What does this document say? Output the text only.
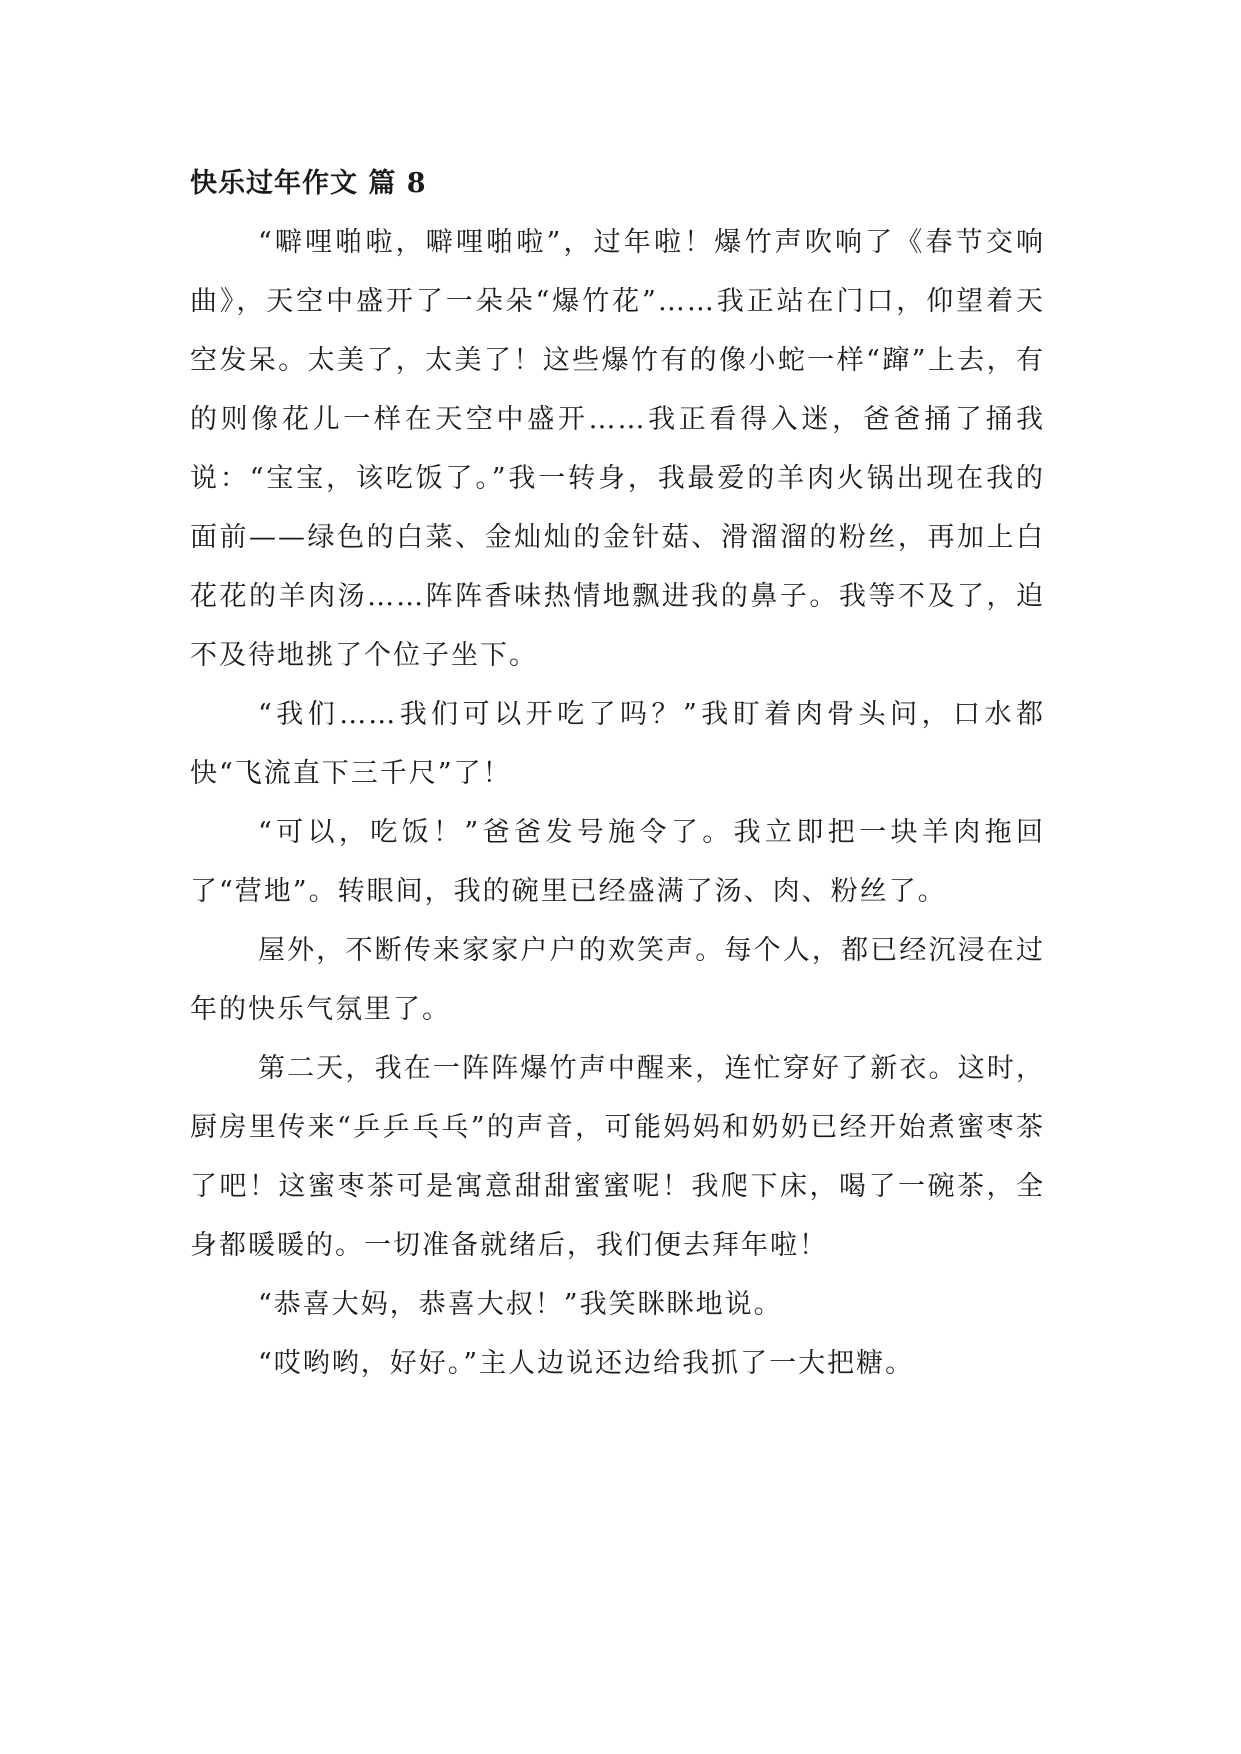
快乐过年作文 篇 8

“噼哩啪啦，噼哩啪啦”，过年啦！爆竹声吹响了《春节交响曲》，天空中盛开了一朵朵“爆竹花”……我正站在门口，仰望着天空发呆。太美了，太美了！这些爆竹有的像小蛇一样“蹿”上去，有的则像花儿一样在天空中盛开……我正看得入迷，爸爸捅了捅我说：“宝宝，该吃饭了。”我一转身，我最爱的羊肉火锅出现在我的面前——绿色的白菜、金灿灿的金针菇、滑溜溜的粉丝，再加上白花花的羊肉汤……阵阵香味热情地飘进我的鼻子。我等不及了，迫不及待地挑了个位子坐下。

“我们……我们可以开吃了吗？”我盯着肉骨头问，口水都快“飞流直下三千尺”了！

“可以，吃饭！”爸爸发号施令了。我立即把一块羊肉拖回了“营地”。转眼间，我的碗里已经盛满了汤、肉、粉丝了。

屋外，不断传来家家户户的欢笑声。每个人，都已经沉浸在过年的快乐气氛里了。

第二天，我在一阵阵爆竹声中醒来，连忙穿好了新衣。这时，厨房里传来“乒乒乓乓”的声音，可能妈妈和奶奶已经开始煮蜜枣茶了吧！这蜜枣茶可是寓意甜甜蜜蜜呢！我爬下床，喝了一碗茶，全身都暖暖的。一切准备就绪后，我们便去拜年啦！

“恭喜大妈，恭喜大叔！”我笑眯眯地说。

“哎哟哟，好好。”主人边说还边给我抓了一大把糖。
